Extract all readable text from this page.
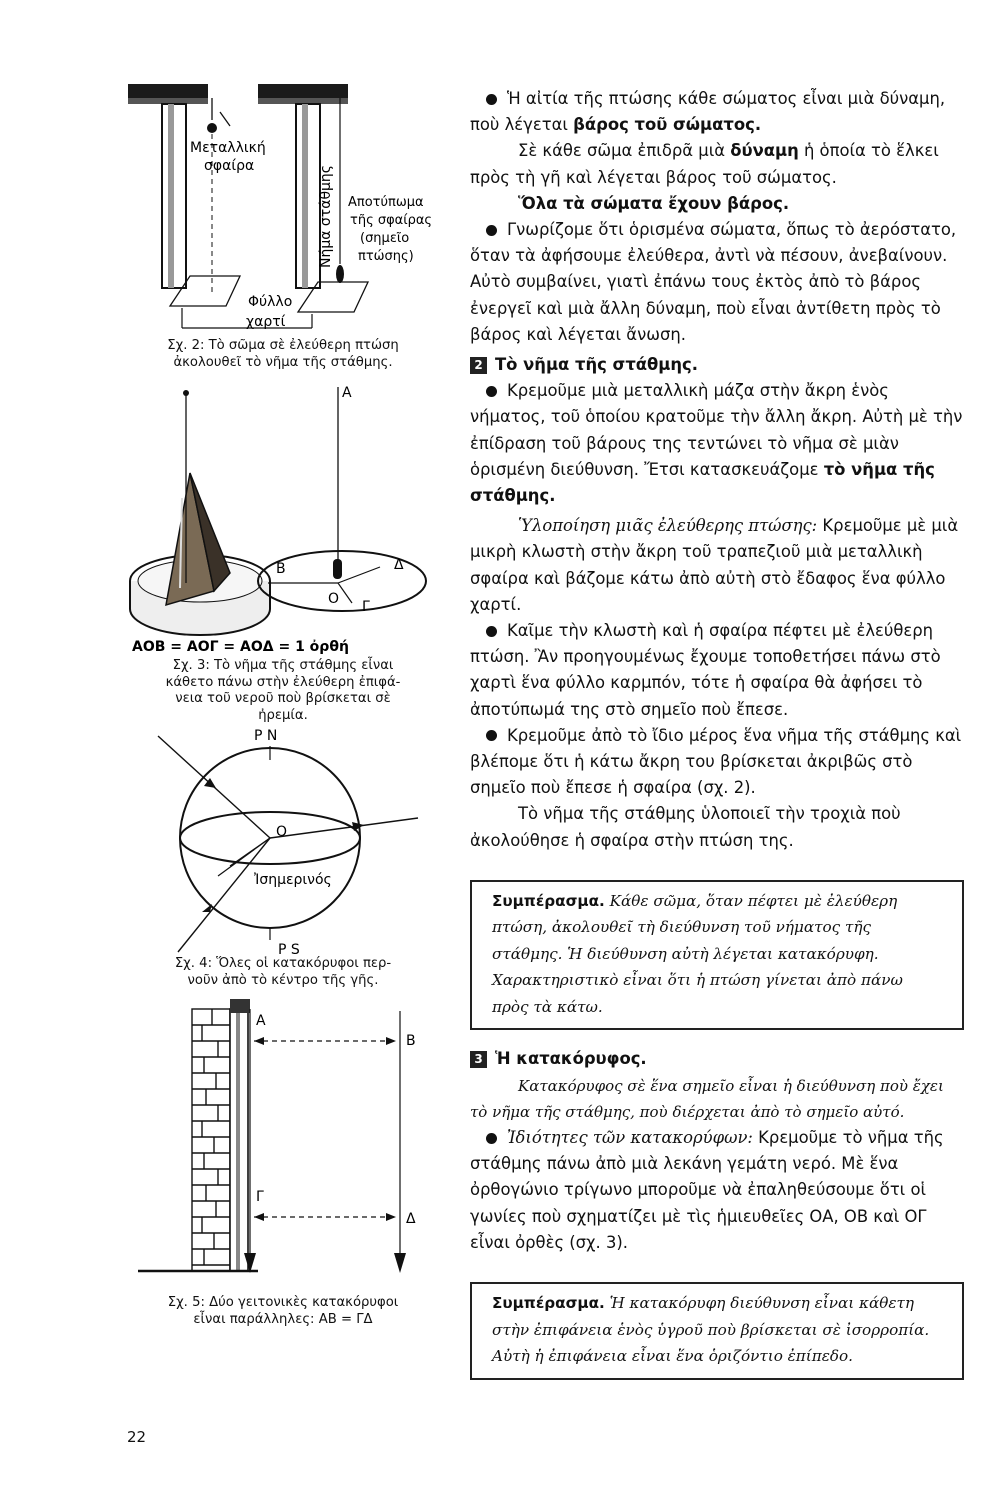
Μεταλλική
σφαίρα	Νήμα στάθμης Αποτύπωμα
τῆς σφαίρας
(σημεῖο
πτώσης)
Φύλλο
χαρτί

Σχ. 2: Τὸ σῶμα σὲ ἐλεύθερη πτώση

ἀκολουθεῖ τὸ νῆμα τῆς στάθμης.

A
B	Δ
O Γ
ΑΟΒ = ΑΟΓ = ΑΟΔ = 1 ὀρθή

Σχ. 3: Τὸ νῆμα τῆς στάθμης εἶναι

κάθετο πάνω στὴν ἐλεύθερη ἐπιφά-

νεια τοῦ νεροῦ ποὺ βρίσκεται σὲ

ἠρεμία.

P N
P S
O
Ἰσημερινός

Σχ. 4: Ὅλες οἱ κατακόρυφοι περ-

νοῦν ἀπὸ τὸ κέντρο τῆς γῆς.

A
B
Γ
Δ

Σχ. 5: Δύο γειτονικὲς κατακόρυφοι

εἶναι παράλληλες: ΑΒ = ΓΔ

Ἡ αἰτία τῆς πτώσης κάθε σώματος εἶναι μιὰ δύναμη, ποὺ λέγεται βάρος τοῦ σώματος.

Σὲ κάθε σῶμα ἐπιδρᾶ μιὰ δύναμη ἡ ὁποία τὸ ἕλκει πρὸς τὴ γῆ καὶ λέγεται βάρος τοῦ σώματος.

Ὅλα τὰ σώματα ἔχουν βάρος.

Γνωρίζομε ὅτι ὁρισμένα σώματα, ὅπως τὸ ἀερόστατο, ὅταν τὰ ἀφήσουμε ἐλεύθερα, ἀντὶ νὰ πέσουν, ἀνεβαίνουν. Αὐτὸ συμβαίνει, γιατὶ ἐπάνω τους ἐκτὸς ἀπὸ τὸ βάρος ἐνεργεῖ καὶ μιὰ ἄλλη δύναμη, ποὺ εἶναι ἀντίθετη πρὸς τὸ βάρος καὶ λέγεται ἄνωση.

2 Τὸ νῆμα τῆς στάθμης.

Κρεμοῦμε μιὰ μεταλλικὴ μάζα στὴν ἄκρη ἑνὸς νήματος, τοῦ ὁποίου κρατοῦμε τὴν ἄλλη ἄκρη. Αὐτὴ μὲ τὴν ἐπίδραση τοῦ βάρους της τεντώνει τὸ νῆμα σὲ μιὰν ὁρισμένη διεύθυνση. Ἔτσι κατασκευάζομε τὸ νῆμα τῆς στάθμης.

Ὑλοποίηση μιᾶς ἐλεύθερης πτώσης: Κρεμοῦμε μὲ μιὰ μικρὴ κλωστὴ στὴν ἄκρη τοῦ τραπεζιοῦ μιὰ μεταλλικὴ σφαίρα καὶ βάζομε κάτω ἀπὸ αὐτὴ στὸ ἔδαφος ἕνα φύλλο χαρτί.

Καῖμε τὴν κλωστὴ καὶ ἡ σφαίρα πέφτει μὲ ἐλεύθερη πτώση. Ἂν προηγουμένως ἔχουμε τοποθετήσει πάνω στὸ χαρτὶ ἕνα φύλλο καρμπόν, τότε ἡ σφαίρα θὰ ἀφήσει τὸ ἀποτύπωμά της στὸ σημεῖο ποὺ ἔπεσε.

Κρεμοῦμε ἀπὸ τὸ ἴδιο μέρος ἕνα νῆμα τῆς στάθμης καὶ βλέπομε ὅτι ἡ κάτω ἄκρη του βρίσκεται ἀκριβῶς στὸ σημεῖο ποὺ ἔπεσε ἡ σφαίρα (σχ. 2).

Τὸ νῆμα τῆς στάθμης ὑλοποιεῖ τὴν τροχιὰ ποὺ ἀκολούθησε ἡ σφαίρα στὴν πτώση της.

Συμπέρασμα. Κάθε σῶμα, ὅταν πέφτει μὲ ἐλεύθερη πτώση, ἀκολουθεῖ τὴ διεύθυνση τοῦ νήματος τῆς στάθμης. Ἡ διεύθυνση αὐτὴ λέγεται κατακόρυφη. Χαρακτηριστικὸ εἶναι ὅτι ἡ πτώση γίνεται ἀπὸ πάνω πρὸς τὰ κάτω.

3 Ἡ κατακόρυφος.

Κατακόρυφος σὲ ἕνα σημεῖο εἶναι ἡ διεύθυνση ποὺ ἔχει τὸ νῆμα τῆς στάθμης, ποὺ διέρχεται ἀπὸ τὸ σημεῖο αὐτό.

Ἰδιότητες τῶν κατακορύφων: Κρεμοῦμε τὸ νῆμα τῆς στάθμης πάνω ἀπὸ μιὰ λεκάνη γεμάτη νερό. Μὲ ἕνα ὀρθογώνιο τρίγωνο μποροῦμε νὰ ἐπαληθεύσουμε ὅτι οἱ γωνίες ποὺ σχηματίζει μὲ τὶς ἡμιευθεῖες ΟΑ, ΟΒ καὶ ΟΓ εἶναι ὀρθὲς (σχ. 3).

Συμπέρασμα. Ἡ κατακόρυφη διεύθυνση εἶναι κάθετη στὴν ἐπιφάνεια ἑνὸς ὑγροῦ ποὺ βρίσκεται σὲ ἰσορροπία. Αὐτὴ ἡ ἐπιφάνεια εἶναι ἕνα ὁριζόντιο ἐπίπεδο.
22
